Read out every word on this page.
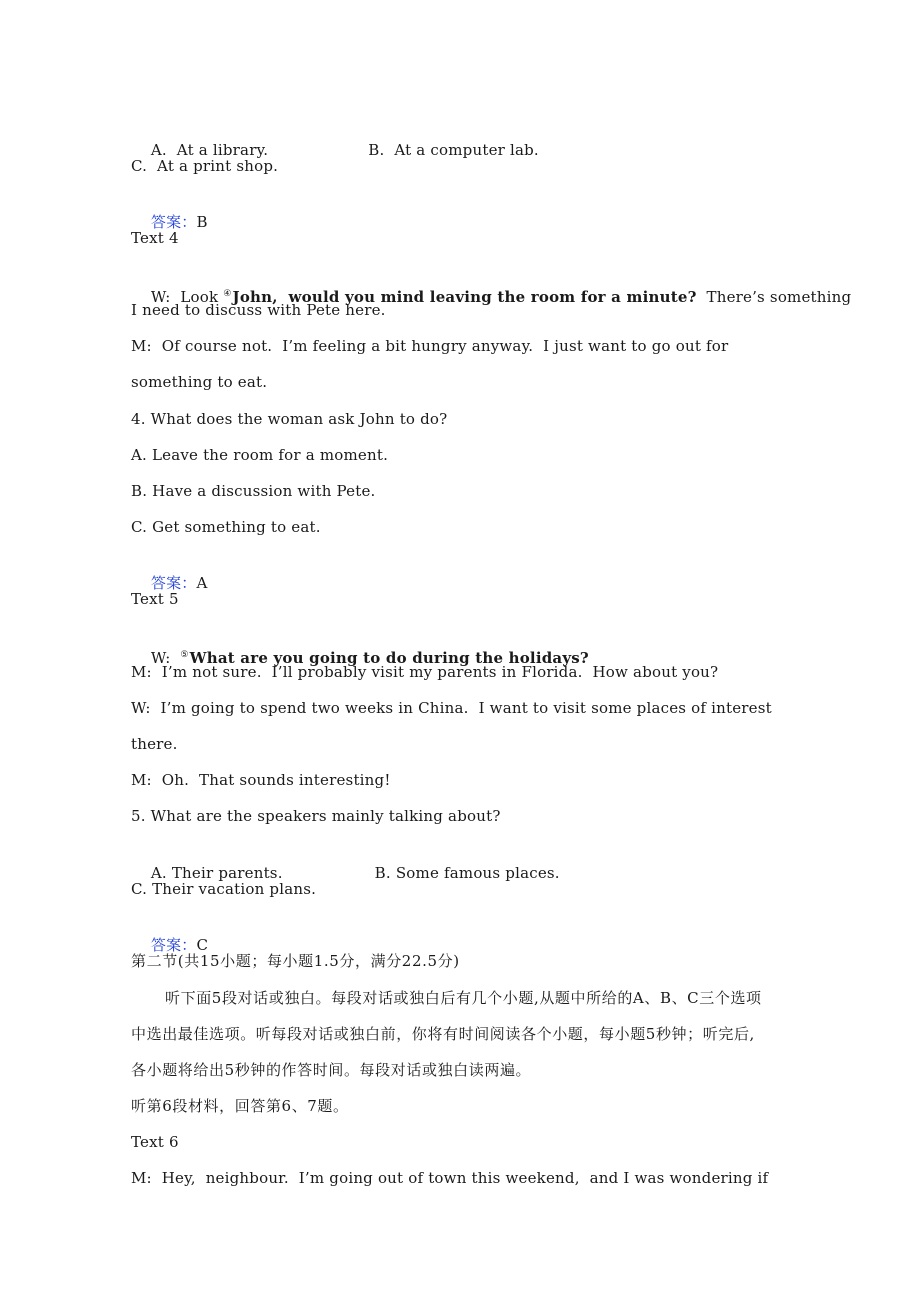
A.  At a library.	B.  At a computer lab.

C.  At a print shop.

答案：B

Text 4

W:  Look ④John,  would you mind leaving the room for a minute?  There’s something

I need to discuss with Pete here.
M:  Of course not.  I’m feeling a bit hungry anyway.  I just want to go out for
something to eat.
4. What does the woman ask John to do?
A. Leave the room for a moment.
B. Have a discussion with Pete.
C. Get something to eat.

答案：A

Text 5

W:  ⑤What are you going to do during the holidays?

M:  I’m not sure.  I’ll probably visit my parents in Florida.  How about you?
W:  I’m going to spend two weeks in China.  I want to visit some places of interest
there.
M:  Oh.  That sounds interesting!
5. What are the speakers mainly talking about?

A. Their parents.	B. Some famous places.

C. Their vacation plans.

答案：C

第二节(共15小题；每小题1.5分，满分22.5分)
听下面5段对话或独白。每段对话或独白后有几个小题,从题中所给的A、B、C三个选项
中选出最佳选项。听每段对话或独白前，你将有时间阅读各个小题，每小题5秒钟；听完后,
各小题将给出5秒钟的作答时间。每段对话或独白读两遍。
听第6段材料，回答第6、7题。
Text 6
M:  Hey,  neighbour.  I’m going out of town this weekend,  and I was wondering if
